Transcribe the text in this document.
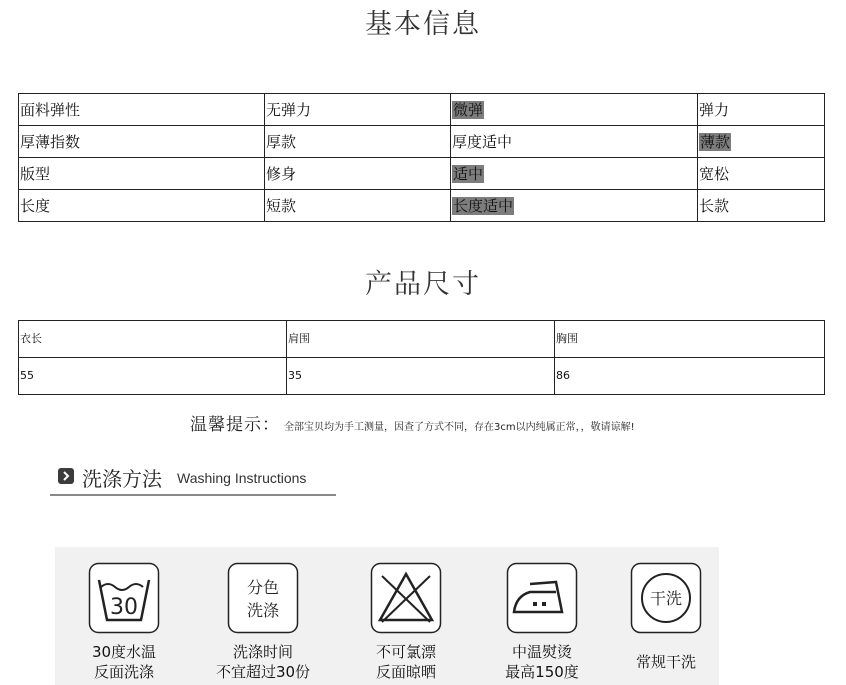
基本信息
面料弹性	无弹力	微弹	弹力
厚薄指数	厚款	厚度适中	薄款
版型	修身	适中	宽松
长度	短款	长度适中	长款
产品尺寸
衣长	肩围	胸围
55	35	86
温馨提示： 全部宝贝均为手工测量，因查了方式不同，存在3cm以内纯属正常，，敬请谅解!
洗涤方法 Washing Instructions
30
30度水温
反面洗涤
分色
洗涤
洗涤时间
不宜超过30份
不可氯漂
反面晾晒
中温熨烫
最高150度
干洗
常规干洗
